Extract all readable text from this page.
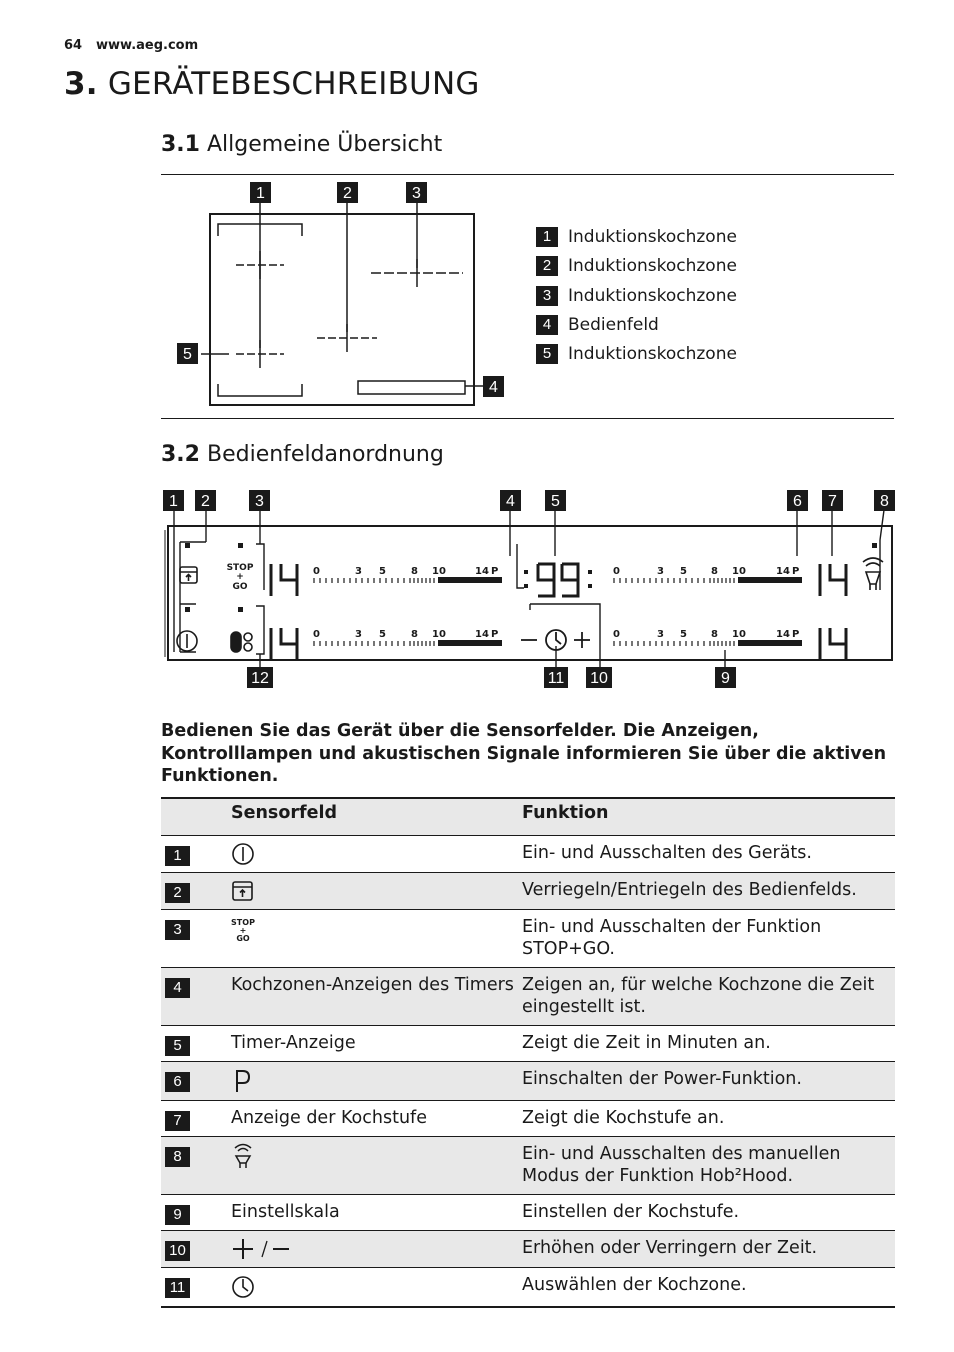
64 www.aeg.com
3. GERÄTEBESCHREIBUNG
3.1 Allgemeine Übersicht
1	2	3
4
5
1 Induktionskochzone
2 Induktionskochzone
3 Induktionskochzone
4 Bedienfeld
5 Induktionskochzone
3.2 Bedienfeldanordnung
STOP
+
GO
0	3 5	8 10	14 P
0	3 5	8 10	14 P
0	3 5 8 10	14 P
0	3 5 8 10	14 P
1 2	3	4 5	6 7	8
12	11 10	9
Bedienen Sie das Gerät über die Sensorfelder. Die Anzeigen, Kontrolllampen und akustischen Signale informieren Sie über die aktiven Funktionen.
	Sensorfeld	Funktion
1		Ein- und Ausschalten des Geräts.
2		Verriegeln/Entriegeln des Bedienfelds.
3	STOP
+
GO	Ein- und Ausschalten der Funktion STOP+GO.
4	Kochzonen-Anzeigen des Timers	Zeigen an, für welche Kochzone die Zeit eingestellt ist.
5	Timer-Anzeige	Zeigt die Zeit in Minuten an.
6		Einschalten der Power-Funktion.
7	Anzeige der Kochstufe	Zeigt die Kochstufe an.
8		Ein- und Ausschalten des manuellen Modus der Funktion Hob²Hood.
9	Einstellskala	Einstellen der Kochstufe.
10		Erhöhen oder Verringern der Zeit.
11		Auswählen der Kochzone.
